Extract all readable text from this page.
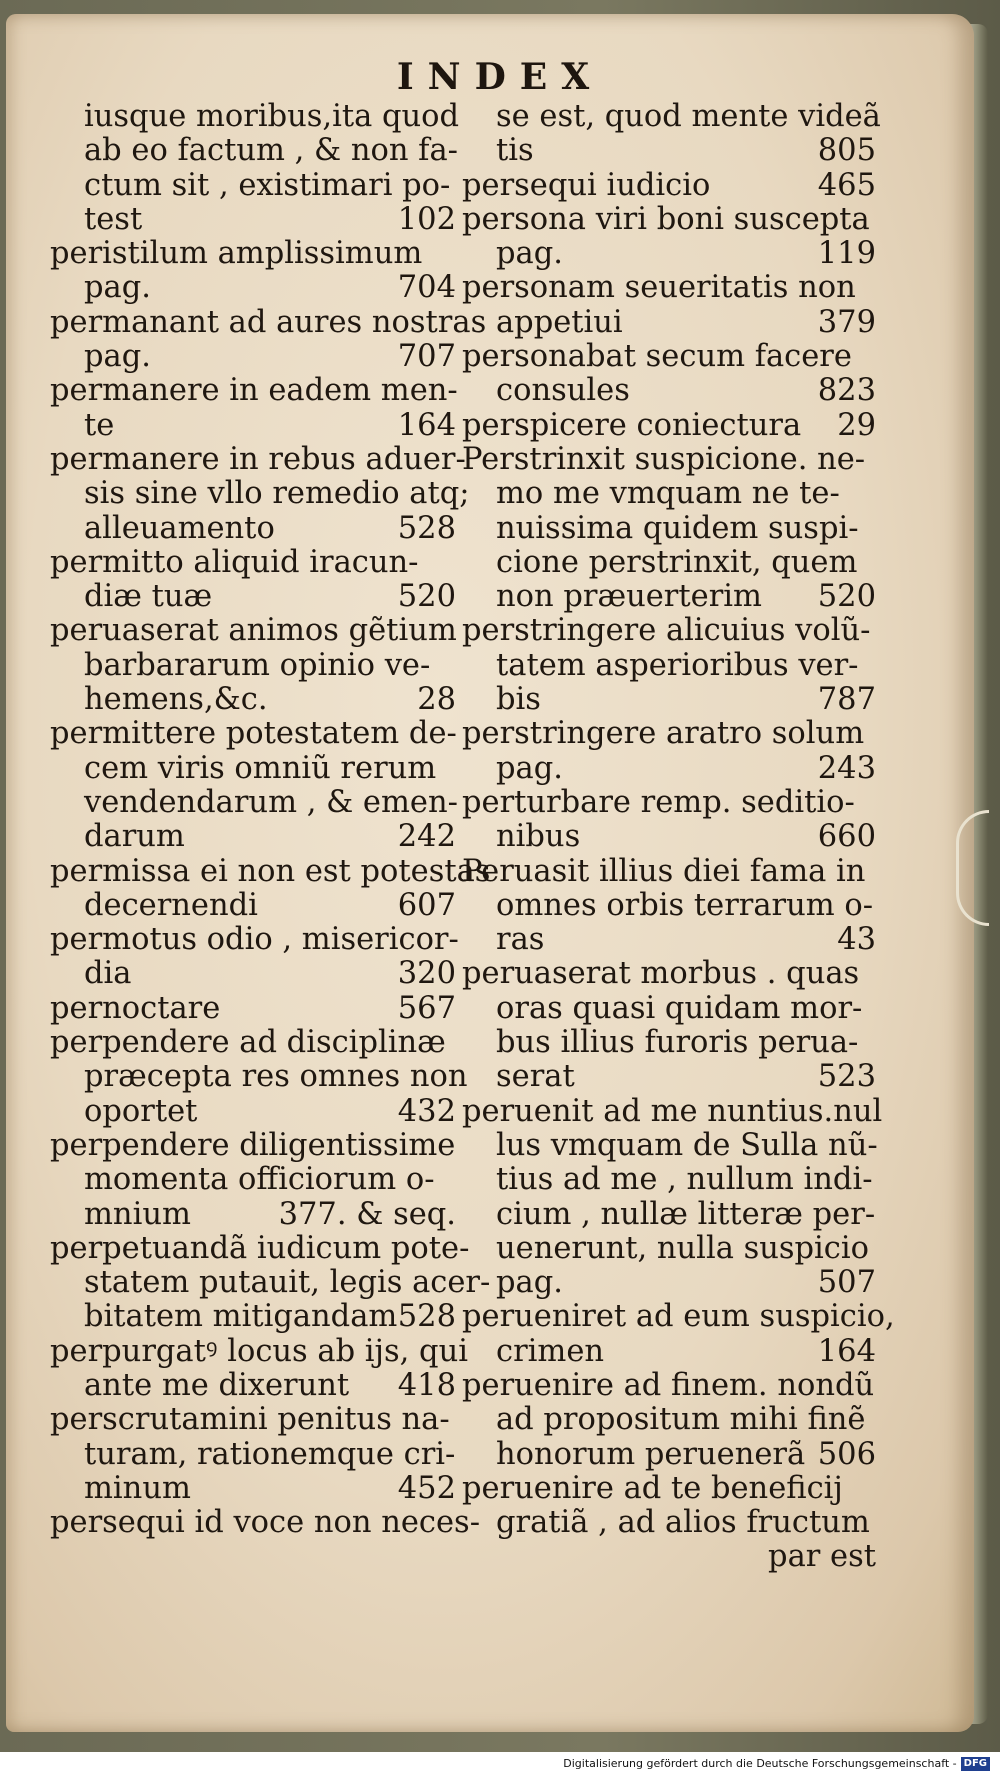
INDEX
iusque moribus,ita quod
ab eo factum , & non fa-
ctum sit , existimari po-
test	102
peristilum amplissimum
pag.	704
permanant ad aures nostras
pag.	707
permanere in eadem men-
te	164
permanere in rebus aduer-
sis sine vllo remedio atq;
alleuamento	528
permitto aliquid iracun-
diæ tuæ	520
peruaserat animos gẽtium
barbararum opinio ve-
hemens,&c.	28
permittere potestatem de-
cem viris omniũ rerum
vendendarum , & emen-
darum	242
permissa ei non est potestas
decernendi	607
permotus odio , misericor-
dia	320
pernoctare	567
perpendere ad disciplinæ
præcepta res omnes non
oportet	432
perpendere diligentissime
momenta officiorum o-
mnium	377. & seq.
perpetuandã iudicum pote-
statem putauit, legis acer-
bitatem mitigandam 528
perpurgatꝰ locus ab ijs, qui
ante me dixerunt 418
perscrutamini penitus na-
turam, rationemque cri-
minum	452
persequi id voce non neces-
se est, quod mente videã
tis	805
persequi iudicio	465
persona viri boni suscepta
pag.	119
personam seueritatis non
appetiui	379
personabat secum facere
consules	823
perspicere coniectura 29
Perstrinxit suspicione. ne-
mo me vmquam ne te-
nuissima quidem suspi-
cione perstrinxit, quem
non præuerterim 520
perstringere alicuius volũ-
tatem asperioribus ver-
bis	787
perstringere aratro solum
pag.	243
perturbare remp. seditio-
nibus	660
Peruasit illius diei fama in
omnes orbis terrarum o-
ras	43
peruaserat morbus . quas
oras quasi quidam mor-
bus illius furoris perua-
serat	523
peruenit ad me nuntius.nul
lus vmquam de Sulla nũ-
tius ad me , nullum indi-
cium , nullæ litteræ per-
uenerunt, nulla suspicio
pag.	507
perueniret ad eum suspicio,
crimen	164
peruenire ad finem. nondũ
ad propositum mihi finẽ
honorum peruenerã 506
peruenire ad te beneficij
gratiã , ad alios fructum
par est
Digitalisierung gefördert durch die Deutsche Forschungsgemeinschaft - DFG
